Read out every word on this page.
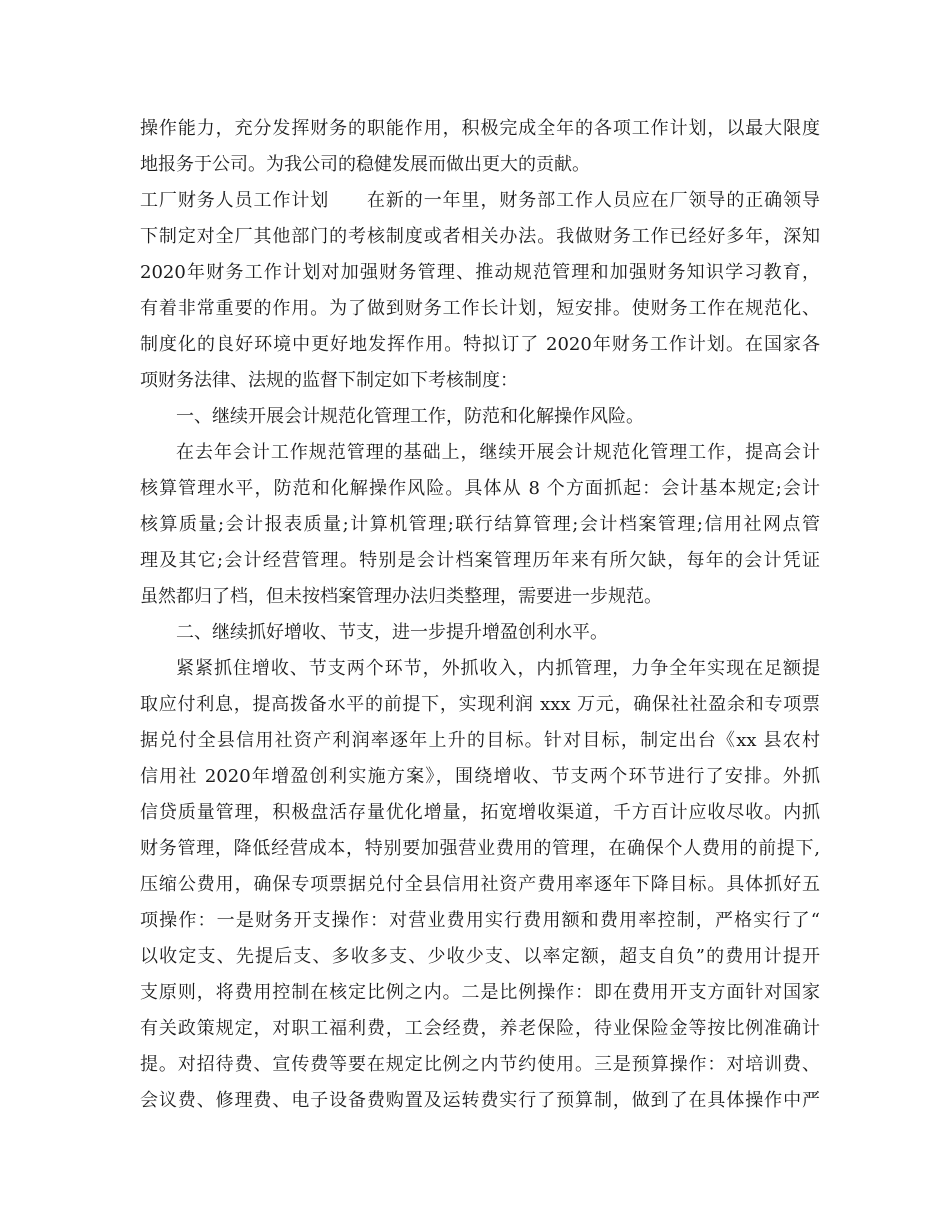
操作能力，充分发挥财务的职能作用，积极完成全年的各项工作计划，以最大限度
地报务于公司。为我公司的稳健发展而做出更大的贡献。
工厂财务人员工作计划　　在新的一年里，财务部工作人员应在厂领导的正确领导
下制定对全厂其他部门的考核制度或者相关办法。我做财务工作已经好多年，深知
2020年财务工作计划对加强财务管理、推动规范管理和加强财务知识学习教育，
有着非常重要的作用。为了做到财务工作长计划，短安排。使财务工作在规范化、
制度化的良好环境中更好地发挥作用。特拟订了 2020年财务工作计划。在国家各
项财务法律、法规的监督下制定如下考核制度：
一、继续开展会计规范化管理工作，防范和化解操作风险。
在去年会计工作规范管理的基础上，继续开展会计规范化管理工作，提高会计
核算管理水平，防范和化解操作风险。具体从 8 个方面抓起：会计基本规定;会计
核算质量;会计报表质量;计算机管理;联行结算管理;会计档案管理;信用社网点管
理及其它;会计经营管理。特别是会计档案管理历年来有所欠缺，每年的会计凭证
虽然都归了档，但未按档案管理办法归类整理，需要进一步规范。
二、继续抓好增收、节支，进一步提升增盈创利水平。
紧紧抓住增收、节支两个环节，外抓收入，内抓管理，力争全年实现在足额提
取应付利息，提高拨备水平的前提下，实现利润 xxx 万元，确保社社盈余和专项票
据兑付全县信用社资产利润率逐年上升的目标。针对目标，制定出台《xx 县农村
信用社 2020年增盈创利实施方案》，围绕增收、节支两个环节进行了安排。外抓
信贷质量管理，积极盘活存量优化增量，拓宽增收渠道，千方百计应收尽收。内抓
财务管理，降低经营成本，特别要加强营业费用的管理，在确保个人费用的前提下,
压缩公费用，确保专项票据兑付全县信用社资产费用率逐年下降目标。具体抓好五
项操作：一是财务开支操作：对营业费用实行费用额和费用率控制，严格实行了“
以收定支、先提后支、多收多支、少收少支、以率定额，超支自负”的费用计提开
支原则，将费用控制在核定比例之内。二是比例操作：即在费用开支方面针对国家
有关政策规定，对职工福利费，工会经费，养老保险，待业保险金等按比例准确计
提。对招待费、宣传费等要在规定比例之内节约使用。三是预算操作：对培训费、
会议费、修理费、电子设备费购置及运转费实行了预算制，做到了在具体操作中严
